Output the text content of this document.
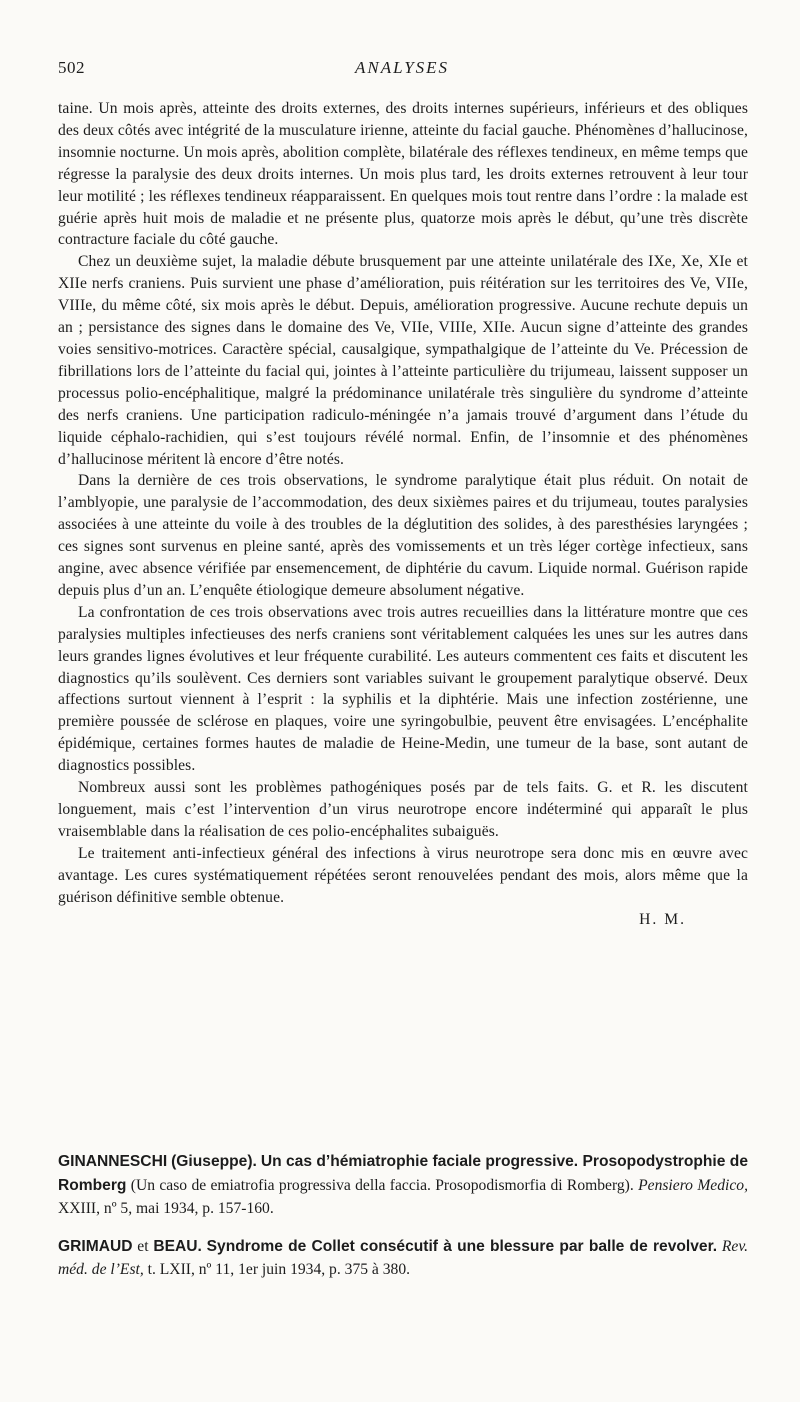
502	ANALYSES

taine. Un mois après, atteinte des droits externes, des droits internes supérieurs, inférieurs et des obliques des deux côtés avec intégrité de la musculature irienne, atteinte du facial gauche. Phénomènes d’hallucinose, insomnie nocturne. Un mois après, abolition complète, bilatérale des réflexes tendineux, en même temps que régresse la paralysie des deux droits internes. Un mois plus tard, les droits externes retrouvent à leur tour leur motilité ; les réflexes tendineux réapparaissent. En quelques mois tout rentre dans l’ordre : la malade est guérie après huit mois de maladie et ne présente plus, quatorze mois après le début, qu’une très discrète contracture faciale du côté gauche.

Chez un deuxième sujet, la maladie débute brusquement par une atteinte unilatérale des IXe, Xe, XIe et XIIe nerfs craniens. Puis survient une phase d’amélioration, puis réitération sur les territoires des Ve, VIIe, VIIIe, du même côté, six mois après le début. Depuis, amélioration progressive. Aucune rechute depuis un an ; persistance des signes dans le domaine des Ve, VIIe, VIIIe, XIIe. Aucun signe d’atteinte des grandes voies sensitivo-motrices. Caractère spécial, causalgique, sympathalgique de l’atteinte du Ve. Précession de fibrillations lors de l’atteinte du facial qui, jointes à l’atteinte particulière du trijumeau, laissent supposer un processus polio-encéphalitique, malgré la prédominance unilatérale très singulière du syndrome d’atteinte des nerfs craniens. Une participation radiculo-méningée n’a jamais trouvé d’argument dans l’étude du liquide céphalo-rachidien, qui s’est toujours révélé normal. Enfin, de l’insomnie et des phénomènes d’hallucinose méritent là encore d’être notés.

Dans la dernière de ces trois observations, le syndrome paralytique était plus réduit. On notait de l’amblyopie, une paralysie de l’accommodation, des deux sixièmes paires et du trijumeau, toutes paralysies associées à une atteinte du voile à des troubles de la déglutition des solides, à des paresthésies laryngées ; ces signes sont survenus en pleine santé, après des vomissements et un très léger cortège infectieux, sans angine, avec absence vérifiée par ensemencement, de diphtérie du cavum. Liquide normal. Guérison rapide depuis plus d’un an. L’enquête étiologique demeure absolument négative.

La confrontation de ces trois observations avec trois autres recueillies dans la littérature montre que ces paralysies multiples infectieuses des nerfs craniens sont véritablement calquées les unes sur les autres dans leurs grandes lignes évolutives et leur fréquente curabilité. Les auteurs commentent ces faits et discutent les diagnostics qu’ils soulèvent. Ces derniers sont variables suivant le groupement paralytique observé. Deux affections surtout viennent à l’esprit : la syphilis et la diphtérie. Mais une infection zostérienne, une première poussée de sclérose en plaques, voire une syringobulbie, peuvent être envisagées. L’encéphalite épidémique, certaines formes hautes de maladie de Heine-Medin, une tumeur de la base, sont autant de diagnostics possibles.

Nombreux aussi sont les problèmes pathogéniques posés par de tels faits. G. et R. les discutent longuement, mais c’est l’intervention d’un virus neurotrope encore indéterminé qui apparaît le plus vraisemblable dans la réalisation de ces polio-encéphalites subaiguës.

Le traitement anti-infectieux général des infections à virus neurotrope sera donc mis en œuvre avec avantage. Les cures systématiquement répétées seront renouvelées pendant des mois, alors même que la guérison définitive semble obtenue.

H. M.

GINANNESCHI (Giuseppe). Un cas d’hémiatrophie faciale progressive. Prosopodystrophie de Romberg (Un caso de emiatrofia progressiva della faccia. Prosopodismorfia di Romberg). Pensiero Medico, XXIII, nº 5, mai 1934, p. 157-160.

GRIMAUD et BEAU. Syndrome de Collet consécutif à une blessure par balle de revolver. Rev. méd. de l’Est, t. LXII, nº 11, 1er juin 1934, p. 375 à 380.
